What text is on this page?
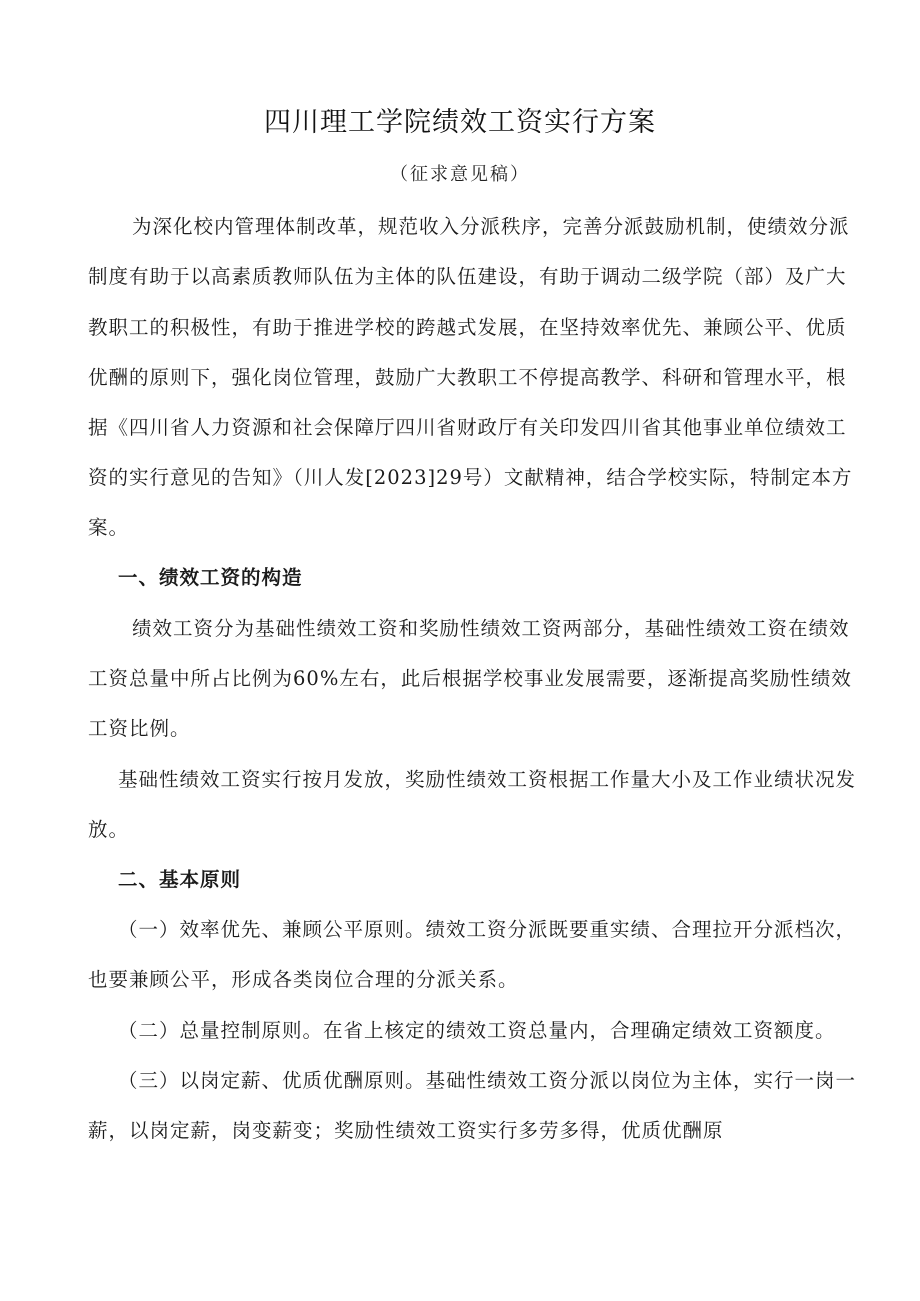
四川理工学院绩效工资实行方案
（征求意见稿）
为深化校内管理体制改革，规范收入分派秩序，完善分派鼓励机制，使绩效分派
制度有助于以高素质教师队伍为主体的队伍建设，有助于调动二级学院（部）及广大
教职工的积极性，有助于推进学校的跨越式发展，在坚持效率优先、兼顾公平、优质
优酬的原则下，强化岗位管理，鼓励广大教职工不停提高教学、科研和管理水平，根
据《四川省人力资源和社会保障厅四川省财政厅有关印发四川省其他事业单位绩效工
资的实行意见的告知》（川人发[2023]29号）文献精神，结合学校实际，特制定本方
案。
一、绩效工资的构造
绩效工资分为基础性绩效工资和奖励性绩效工资两部分，基础性绩效工资在绩效
工资总量中所占比例为60%左右，此后根据学校事业发展需要，逐渐提高奖励性绩效
工资比例。
基础性绩效工资实行按月发放，奖励性绩效工资根据工作量大小及工作业绩状况发
放。
二、基本原则
（一）效率优先、兼顾公平原则。绩效工资分派既要重实绩、合理拉开分派档次，
也要兼顾公平，形成各类岗位合理的分派关系。
（二）总量控制原则。在省上核定的绩效工资总量内，合理确定绩效工资额度。
（三）以岗定薪、优质优酬原则。基础性绩效工资分派以岗位为主体，实行一岗一
薪，以岗定薪，岗变薪变；奖励性绩效工资实行多劳多得，优质优酬原
